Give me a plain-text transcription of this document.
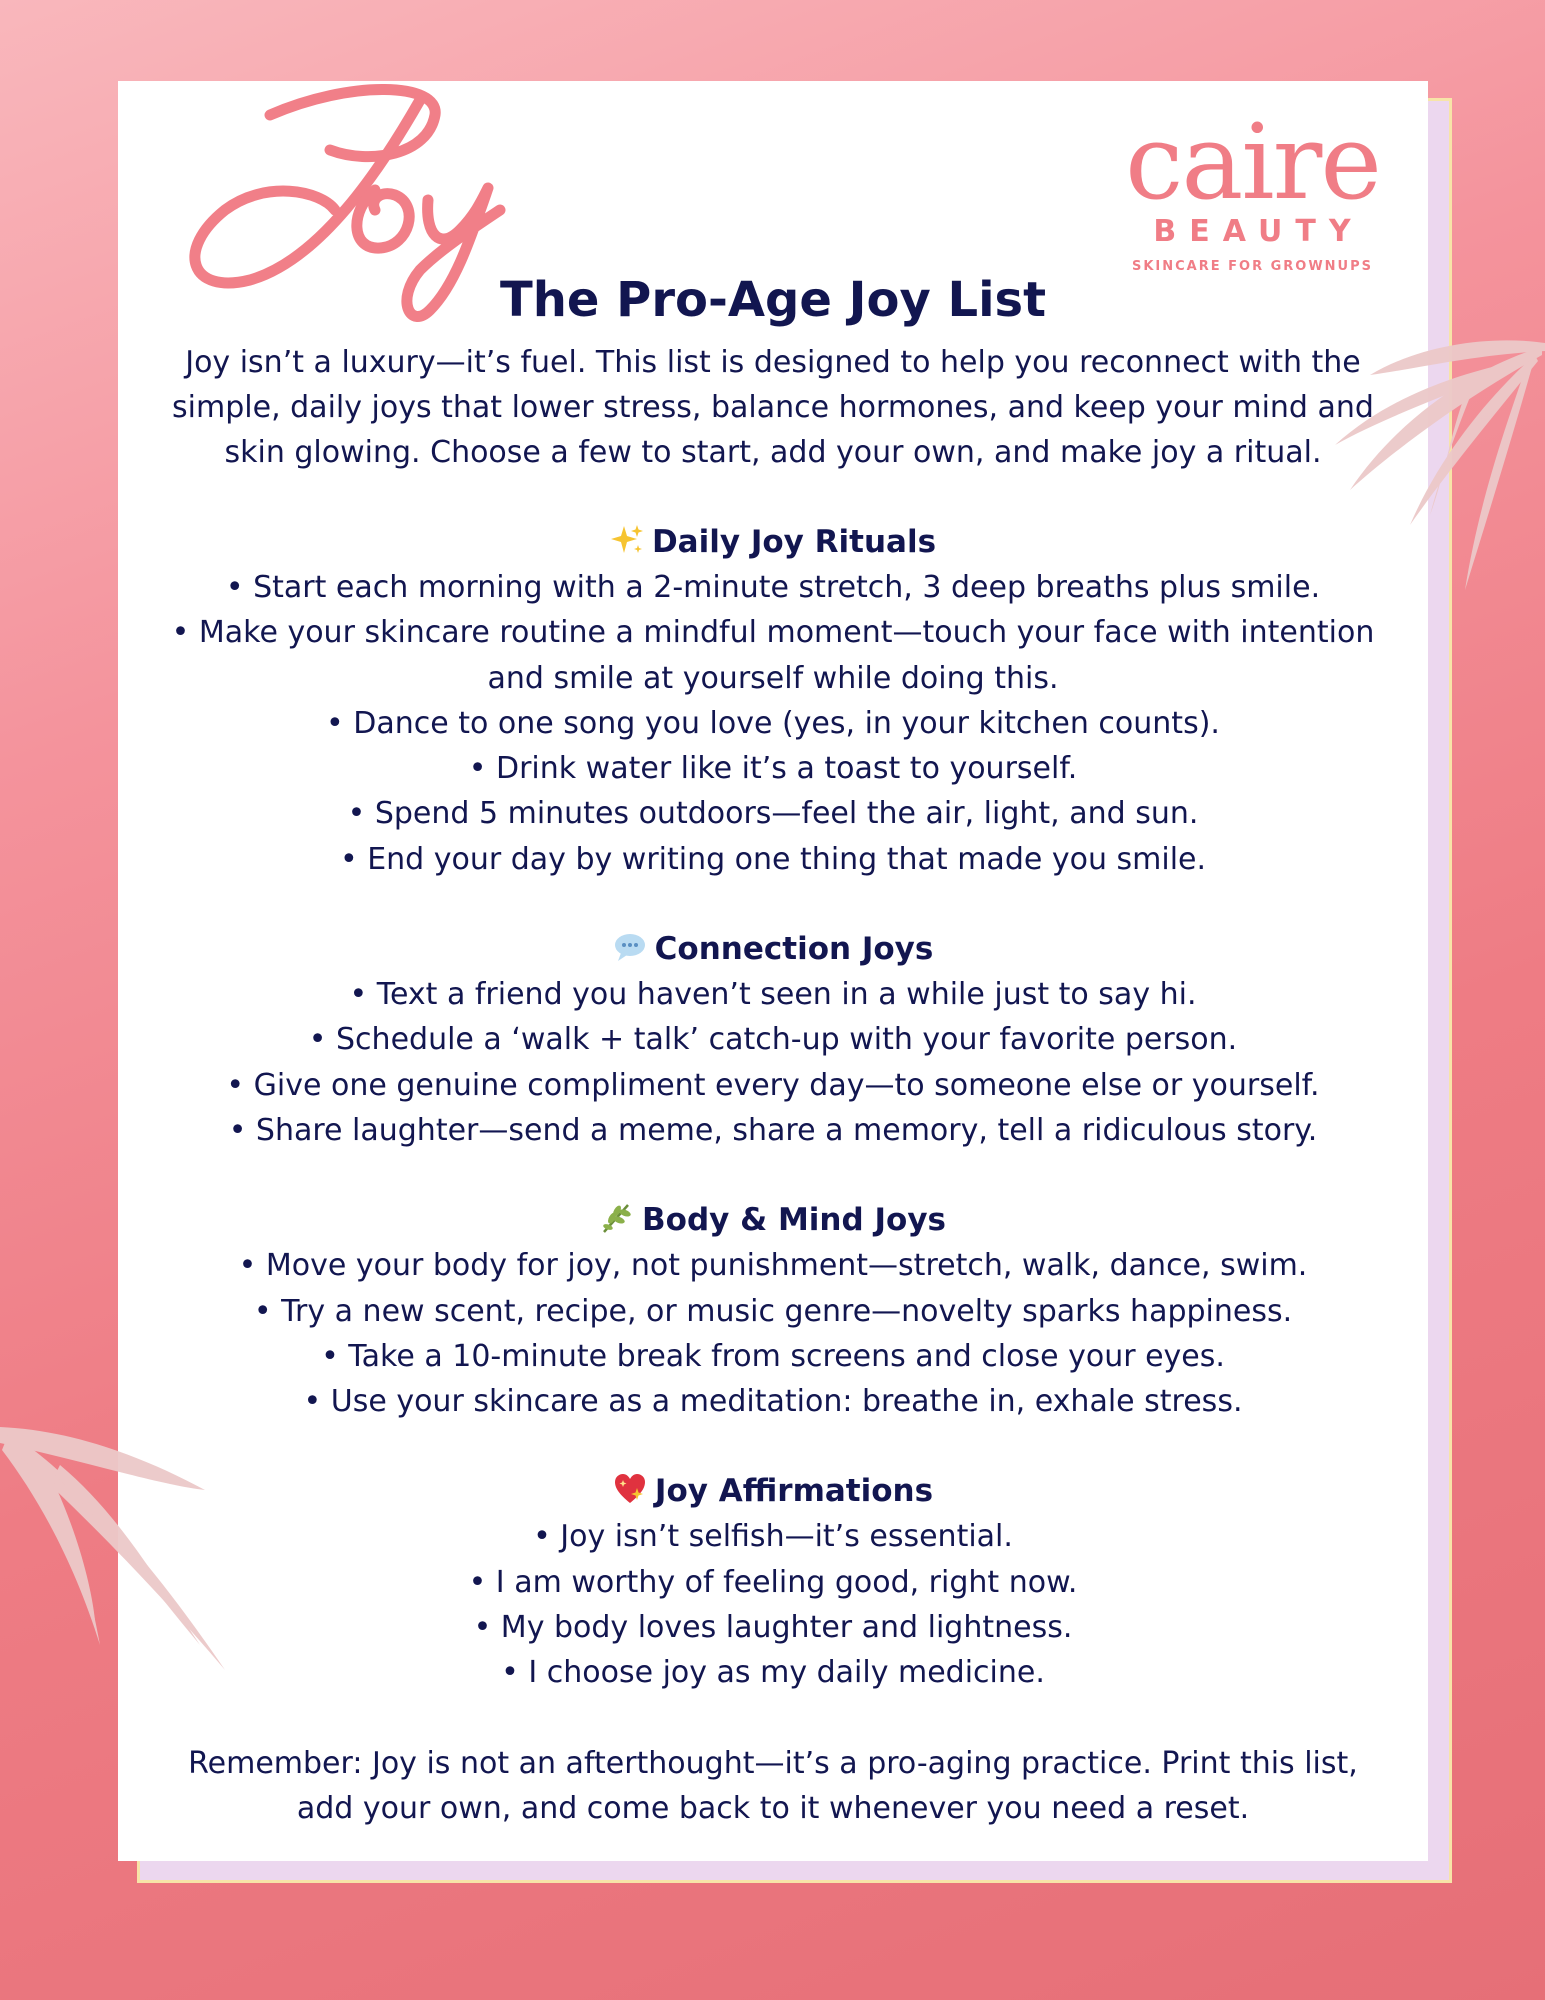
caire
BEAUTY
SKINCARE FOR GROWNUPS
The Pro-Age Joy List
Joy isn’t a luxury—it’s fuel. This list is designed to help you reconnect with the simple, daily joys that lower stress, balance hormones, and keep your mind and skin glowing. Choose a few to start, add your own, and make joy a ritual.
Daily Joy Rituals
• Start each morning with a 2-minute stretch, 3 deep breaths plus smile.
• Make your skincare routine a mindful moment—touch your face with intention
and smile at yourself while doing this.
• Dance to one song you love (yes, in your kitchen counts).
• Drink water like it’s a toast to yourself.
• Spend 5 minutes outdoors—feel the air, light, and sun.
• End your day by writing one thing that made you smile.
Connection Joys
• Text a friend you haven’t seen in a while just to say hi.
• Schedule a ‘walk + talk’ catch-up with your favorite person.
• Give one genuine compliment every day—to someone else or yourself.
• Share laughter—send a meme, share a memory, tell a ridiculous story.
Body & Mind Joys
• Move your body for joy, not punishment—stretch, walk, dance, swim.
• Try a new scent, recipe, or music genre—novelty sparks happiness.
• Take a 10-minute break from screens and close your eyes.
• Use your skincare as a meditation: breathe in, exhale stress.
Joy Affirmations
• Joy isn’t selfish—it’s essential.
• I am worthy of feeling good, right now.
• My body loves laughter and lightness.
• I choose joy as my daily medicine.
Remember: Joy is not an afterthought—it’s a pro-aging practice. Print this list,
add your own, and come back to it whenever you need a reset.
